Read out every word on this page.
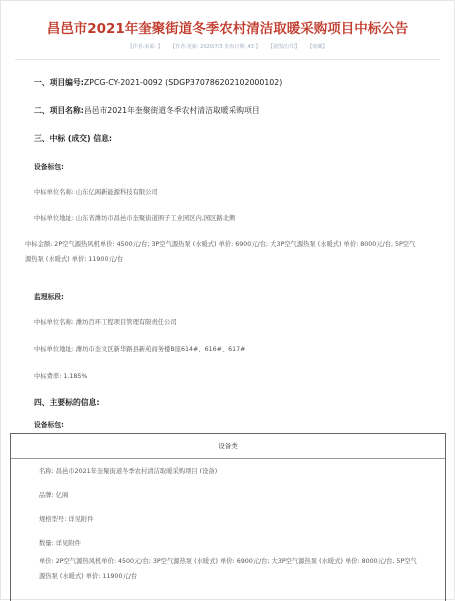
昌邑市2021年奎聚街道冬季农村清洁取暖采购项目中标公告
【作者:来源: 】 【作者:更新: 2020/7/3 发布日期: 43 】 【视图/打印】 【收藏】
一、项目编号:ZPCG-CY-2021-0092 (SDGP370786202102000102)
二、项目名称:昌邑市2021年奎聚街道冬季农村清洁取暖采购项目
三、中标 (成交) 信息:
设备标包:
中标单位名称: 山东亿阁新能源科技有限公司
中标单位地址: 山东省潍坊市昌邑市奎聚街道围子工业园区内,园区路北侧
中标金额: 2P空气源热风机单价: 4500元/台; 3P空气源热泵 (水暖式) 单价: 6900元/台; 大3P空气源热泵 (水暖式) 单价: 8000元/台, 5P空气源热泵 (水暖式) 单价: 11900元/台
监理标段:
中标单位名称: 潍坊百环工程项目管理有限责任公司
中标单位地址: 潍坊市奎文区新华路县新苑商务楼B座614#、616#、617#
中标费率: 1.185%
四、主要标的信息:
设备标包:
设备类
名称: 昌邑市2021年奎聚街道冬季农村清洁取暖采购项目 (设备)
品牌: 亿阁
规格型号: 详见附件
数量: 详见附件
单价: 2P空气源热风机单价: 4500元/台; 3P空气源热泵 (水暖式) 单价: 6900元/台; 大3P空气源热泵 (水暖式) 单价: 8000元/台, 5P空气源热泵 (水暖式) 单价: 11900元/台
